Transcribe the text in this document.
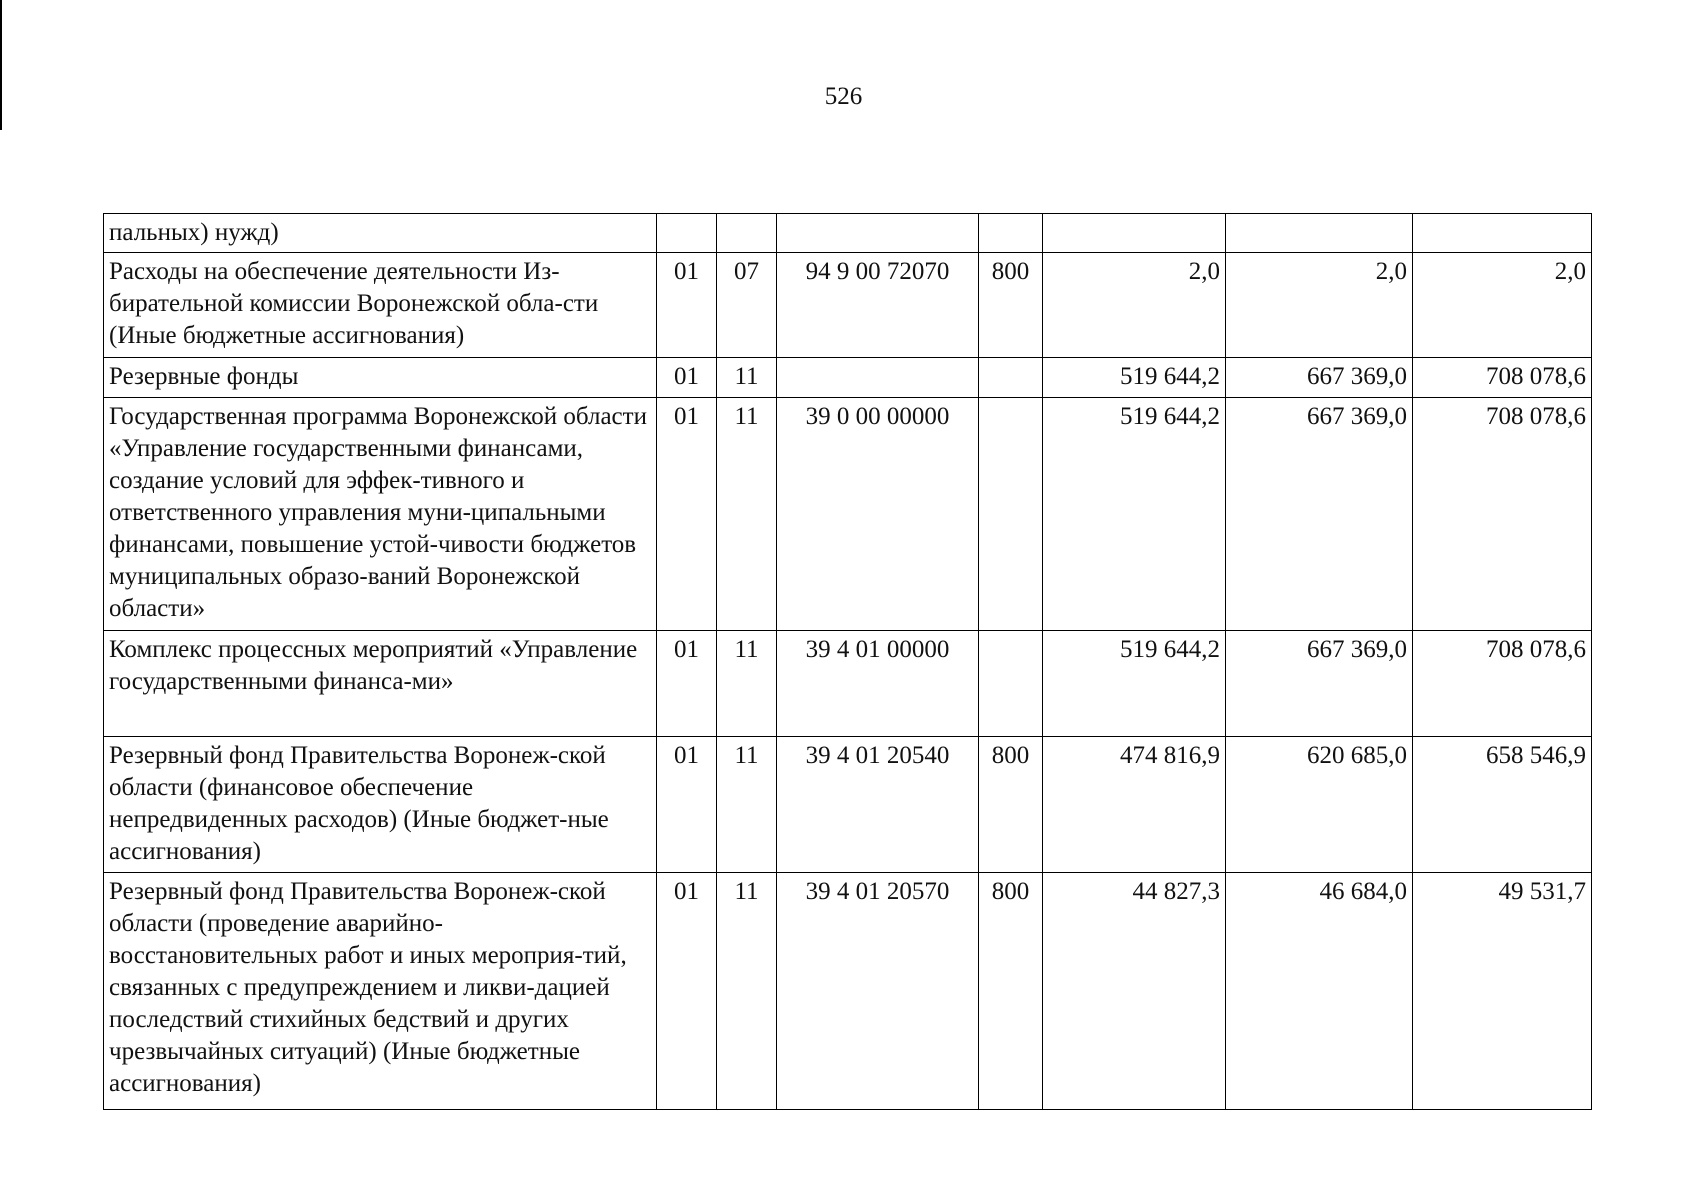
526
пальных) нужд)							
Расходы на обеспечение деятельности Из-бирательной комиссии Воронежской обла-сти (Иные бюджетные ассигнования)	01	07	94 9 00 72070	800	2,0	2,0	2,0
Резервные фонды	01	11			519 644,2	667 369,0	708 078,6
Государственная программа Воронежской области «Управление государственными финансами, создание условий для эффек-тивного и ответственного управления муни-ципальными финансами, повышение устой-чивости бюджетов муниципальных образо-ваний Воронежской области»	01	11	39 0 00 00000		519 644,2	667 369,0	708 078,6
Комплекс процессных мероприятий «Управление государственными финанса-ми»	01	11	39 4 01 00000		519 644,2	667 369,0	708 078,6
Резервный фонд Правительства Воронеж-ской области (финансовое обеспечение непредвиденных расходов) (Иные бюджет-ные ассигнования)	01	11	39 4 01 20540	800	474 816,9	620 685,0	658 546,9
Резервный фонд Правительства Воронеж-ской области (проведение аварийно-восстановительных работ и иных мероприя-тий, связанных с предупреждением и ликви-дацией последствий стихийных бедствий и других чрезвычайных ситуаций) (Иные бюджетные ассигнования)	01	11	39 4 01 20570	800	44 827,3	46 684,0	49 531,7
